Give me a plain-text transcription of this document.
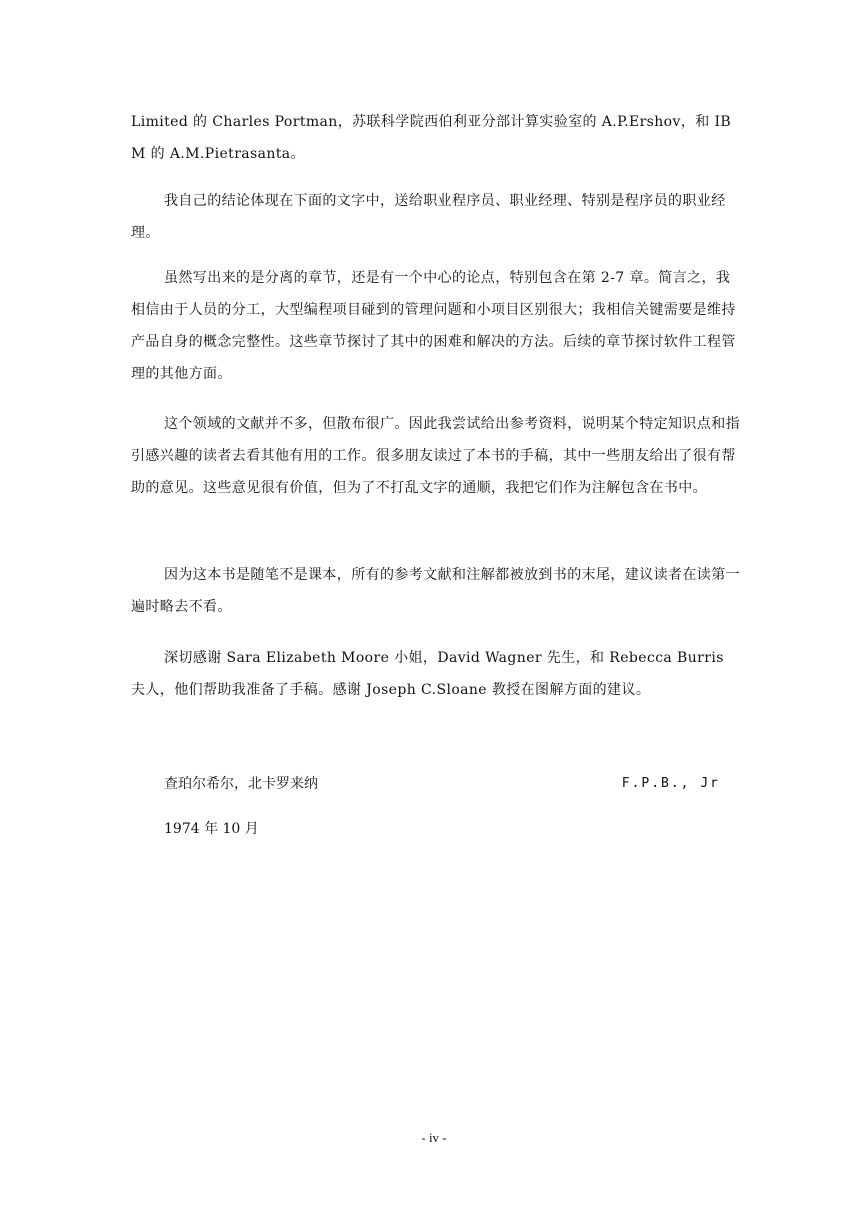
Limited 的 Charles Portman，苏联科学院西伯利亚分部计算实验室的 A.P.Ershov，和 IBM 的 A.M.Pietrasanta。

我自己的结论体现在下面的文字中，送给职业程序员、职业经理、特别是程序员的职业经理。

虽然写出来的是分离的章节，还是有一个中心的论点，特别包含在第 2-7 章。简言之，我相信由于人员的分工，大型编程项目碰到的管理问题和小项目区别很大；我相信关键需要是维持产品自身的概念完整性。这些章节探讨了其中的困难和解决的方法。后续的章节探讨软件工程管理的其他方面。

这个领域的文献并不多，但散布很广。因此我尝试给出参考资料，说明某个特定知识点和指引感兴趣的读者去看其他有用的工作。很多朋友读过了本书的手稿，其中一些朋友给出了很有帮助的意见。这些意见很有价值，但为了不打乱文字的通顺，我把它们作为注解包含在书中。

因为这本书是随笔不是课本，所有的参考文献和注解都被放到书的末尾，建议读者在读第一遍时略去不看。

深切感谢 Sara Elizabeth Moore 小姐，David Wagner 先生，和 Rebecca Burris 夫人，他们帮助我准备了手稿。感谢 Joseph C.Sloane 教授在图解方面的建议。

查珀尔希尔，北卡罗来纳	F.P.B., Jr
1974 年 10 月
- iv -
